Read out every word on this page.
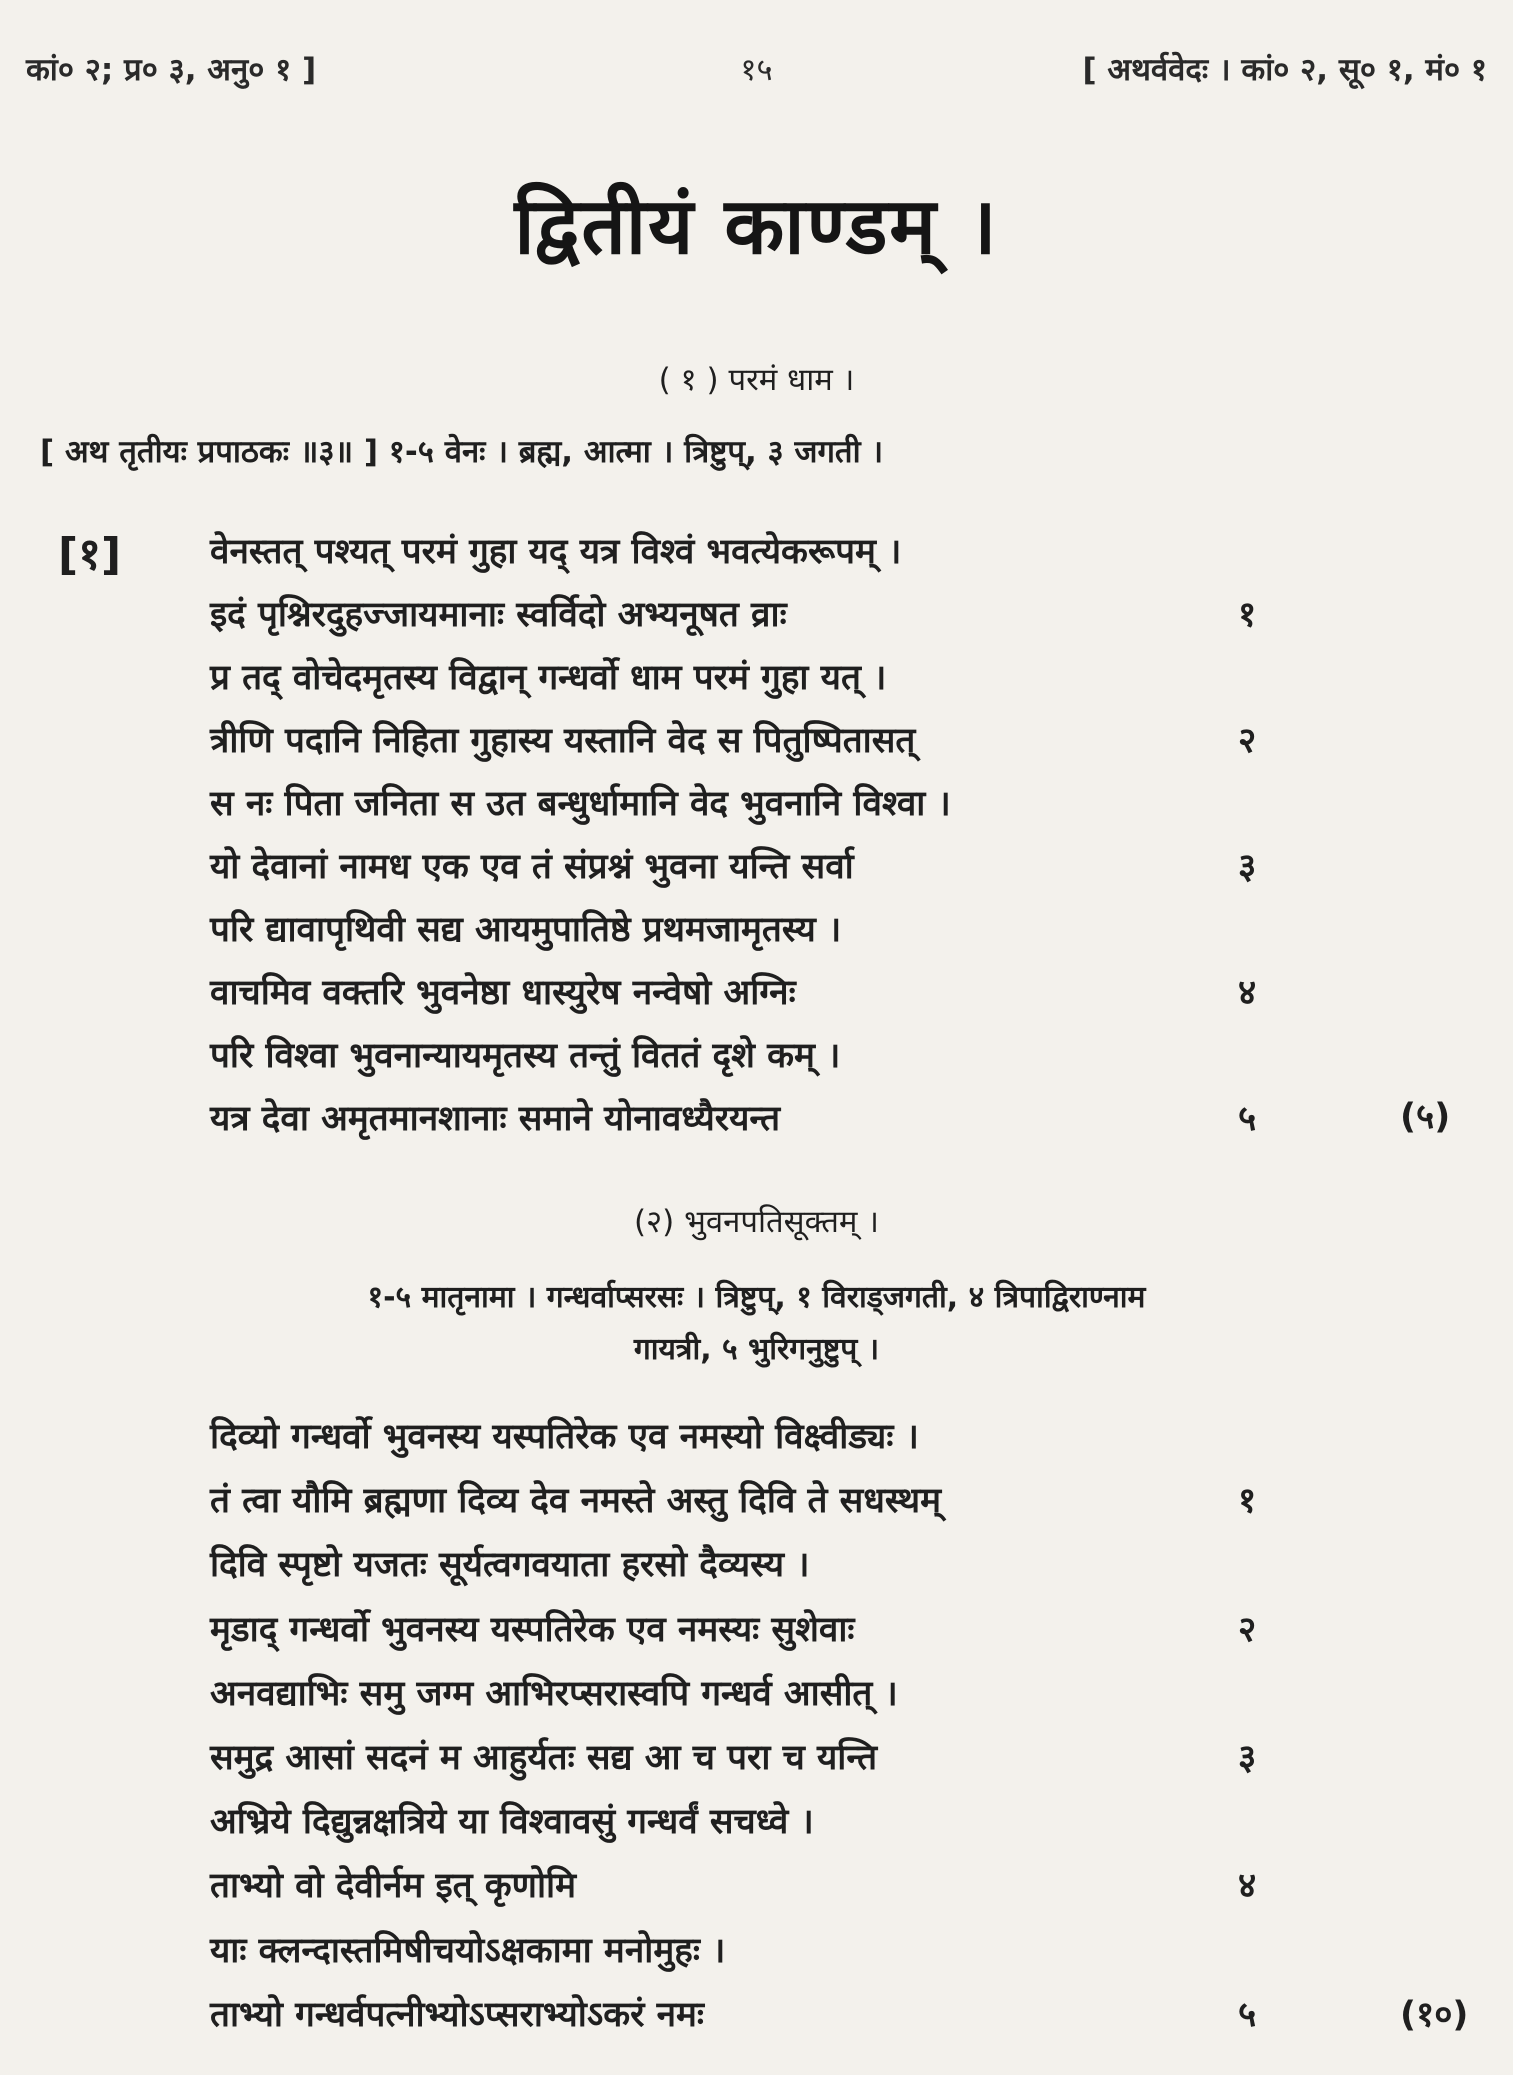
१५
कां० २; प्र० ३, अनु० १ ]	[ अथर्ववेदः । कां० २, सू० १, मं० १
द्वितीयं काण्डम् ।
( १ ) परमं धाम ।
[ अथ तृतीयः प्रपाठकः ॥३॥ ] १-५ वेनः । ब्रह्म, आत्मा । त्रिष्टुप्, ३ जगती ।
[१]	वेनस्तत् पश्यत् परमं गुहा यद् यत्र विश्वं भवत्येकरूपम् ।
इदं पृश्निरदुहज्जायमानाः स्वर्विदो अभ्यनूषत व्राः	१
प्र तद् वोचेदमृतस्य विद्वान् गन्धर्वो धाम परमं गुहा यत् ।
त्रीणि पदानि निहिता गुहास्य यस्तानि वेद स पितुष्पितासत्	२
स नः पिता जनिता स उत बन्धुर्धामानि वेद भुवनानि विश्वा ।
यो देवानां नामध एक एव तं संप्रश्नं भुवना यन्ति सर्वा	३
परि द्यावापृथिवी सद्य आयमुपातिष्ठे प्रथमजामृतस्य ।
वाचमिव वक्तरि भुवनेष्ठा धास्युरेष नन्वेषो अग्निः	४
परि विश्वा भुवनान्यायमृतस्य तन्तुं विततं दृशे कम् ।
यत्र देवा अमृतमानशानाः समाने योनावध्यैरयन्त	५	(५)
(२) भुवनपतिसूक्तम् ।
१-५ मातृनामा । गन्धर्वाप्सरसः । त्रिष्टुप्, १ विराड्जगती, ४ त्रिपाद्विराण्नाम
गायत्री, ५ भुरिगनुष्टुप् ।
दिव्यो गन्धर्वो भुवनस्य यस्पतिरेक एव नमस्यो विक्ष्वीड्यः ।
तं त्वा यौमि ब्रह्मणा दिव्य देव नमस्ते अस्तु दिवि ते सधस्थम्	१
दिवि स्पृष्टो यजतः सूर्यत्वगवयाता हरसो दैव्यस्य ।
मृडाद् गन्धर्वो भुवनस्य यस्पतिरेक एव नमस्यः सुशेवाः	२
अनवद्याभिः समु जग्म आभिरप्सरास्वपि गन्धर्व आसीत् ।
समुद्र आसां सदनं म आहुर्यतः सद्य आ च परा च यन्ति	३
अभ्रिये दिद्युन्नक्षत्रिये या विश्वावसुं गन्धर्वं सचध्वे ।
ताभ्यो वो देवीर्नम इत् कृणोमि	४
याः क्लन्दास्तमिषीचयोऽक्षकामा मनोमुहः ।
ताभ्यो गन्धर्वपत्नीभ्योऽप्सराभ्योऽकरं नमः	५	(१०)
